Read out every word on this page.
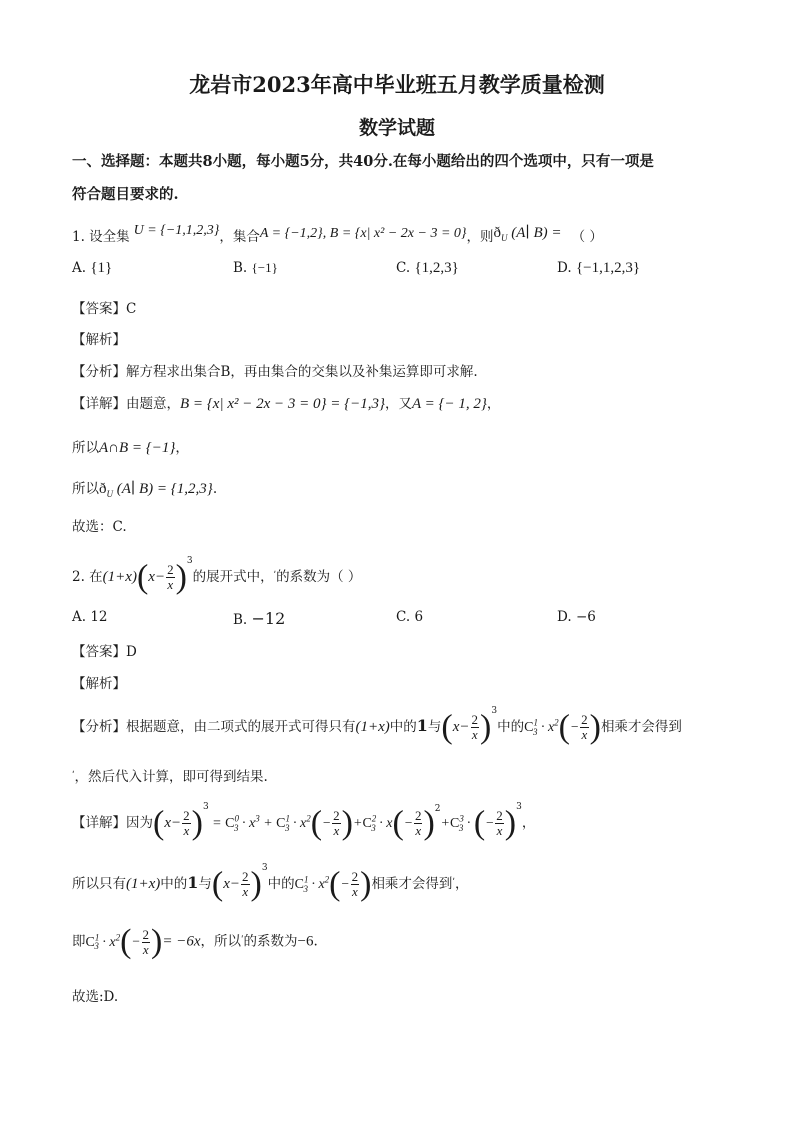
龙岩市2023年高中毕业班五月教学质量检测
数学试题
一、选择题：本题共8小题，每小题5分，共40分.在每小题给出的四个选项中，只有一项是
符合题目要求的.
1. 设全集 U = {−1,1,2,3}，集合A = {−1,2}, B = {x| x² − 2x − 3 = 0}，则$ð_U$ (A∣ B) = （ ）
A. {1}	B. {−1}	C. {1,2,3}	D. {−1,1,2,3}
【答案】C
【解析】
【分析】解方程求出集合B，再由集合的交集以及补集运算即可求解.
【详解】由题意，B = {x| x² − 2x − 3 = 0} = {−1,3}，又A = {− 1, 2}，
所以A∩B = {−1}，
所以$ð_U$ (A∣ B) = {1,2,3}.
故选：C.
2. 在$(1+x)(x- \frac{2}{x} )^3$的展开式中，$^ʹ$的系数为（ ）
A. 12	B. −12	C. 6	D. −6
【答案】D
【解析】
【分析】根据题意，由二项式的展开式可得只有(1+x)中的1与$(x- \frac{2}{x} )^3$中的$C^1_3 \cdot x^2(- \frac{2}{x}$ )相乘才会得到
$^ʹ$，然后代入计算，即可得到结果.
【详解】因为$(x- \frac{2}{x} )^3 = C^0_3 \cdot x^3 + C^1_3 \cdot x^2(- \frac{2}{x} )+C^2_3 \cdot x(- \frac{2}{x} )^2+C^3_3$ · (− $\frac{2}{x} )^3$，
所以只有(1+x)中的1与$(x- \frac{2}{x} )^3$中的$C^1_3 \cdot x^2(- \frac{2}{x}$ )相乘才会得到$^ʹ$，
即$C^1_3 \cdot x^2(- \frac{2}{x}$ )= −6x，所以$^ʹ$的系数为−6.
故选:D.
